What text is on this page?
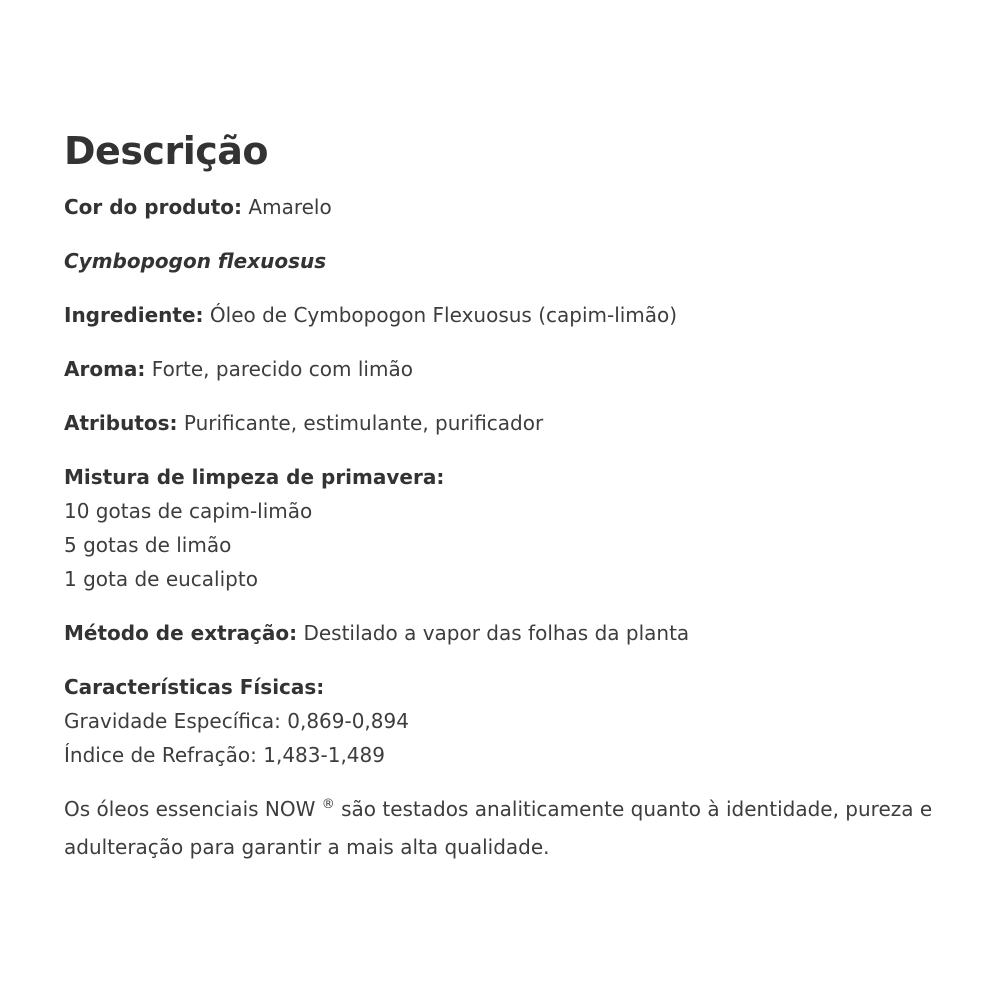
Descrição

Cor do produto: Amarelo

Cymbopogon flexuosus

Ingrediente: Óleo de Cymbopogon Flexuosus (capim-limão)

Aroma: Forte, parecido com limão

Atributos: Purificante, estimulante, purificador

Mistura de limpeza de primavera:

10 gotas de capim-limão

5 gotas de limão

1 gota de eucalipto

Método de extração: Destilado a vapor das folhas da planta

Características Físicas:

Gravidade Específica: 0,869-0,894

Índice de Refração: 1,483-1,489

Os óleos essenciais NOW ® são testados analiticamente quanto à identidade, pureza e adulteração para garantir a mais alta qualidade.
